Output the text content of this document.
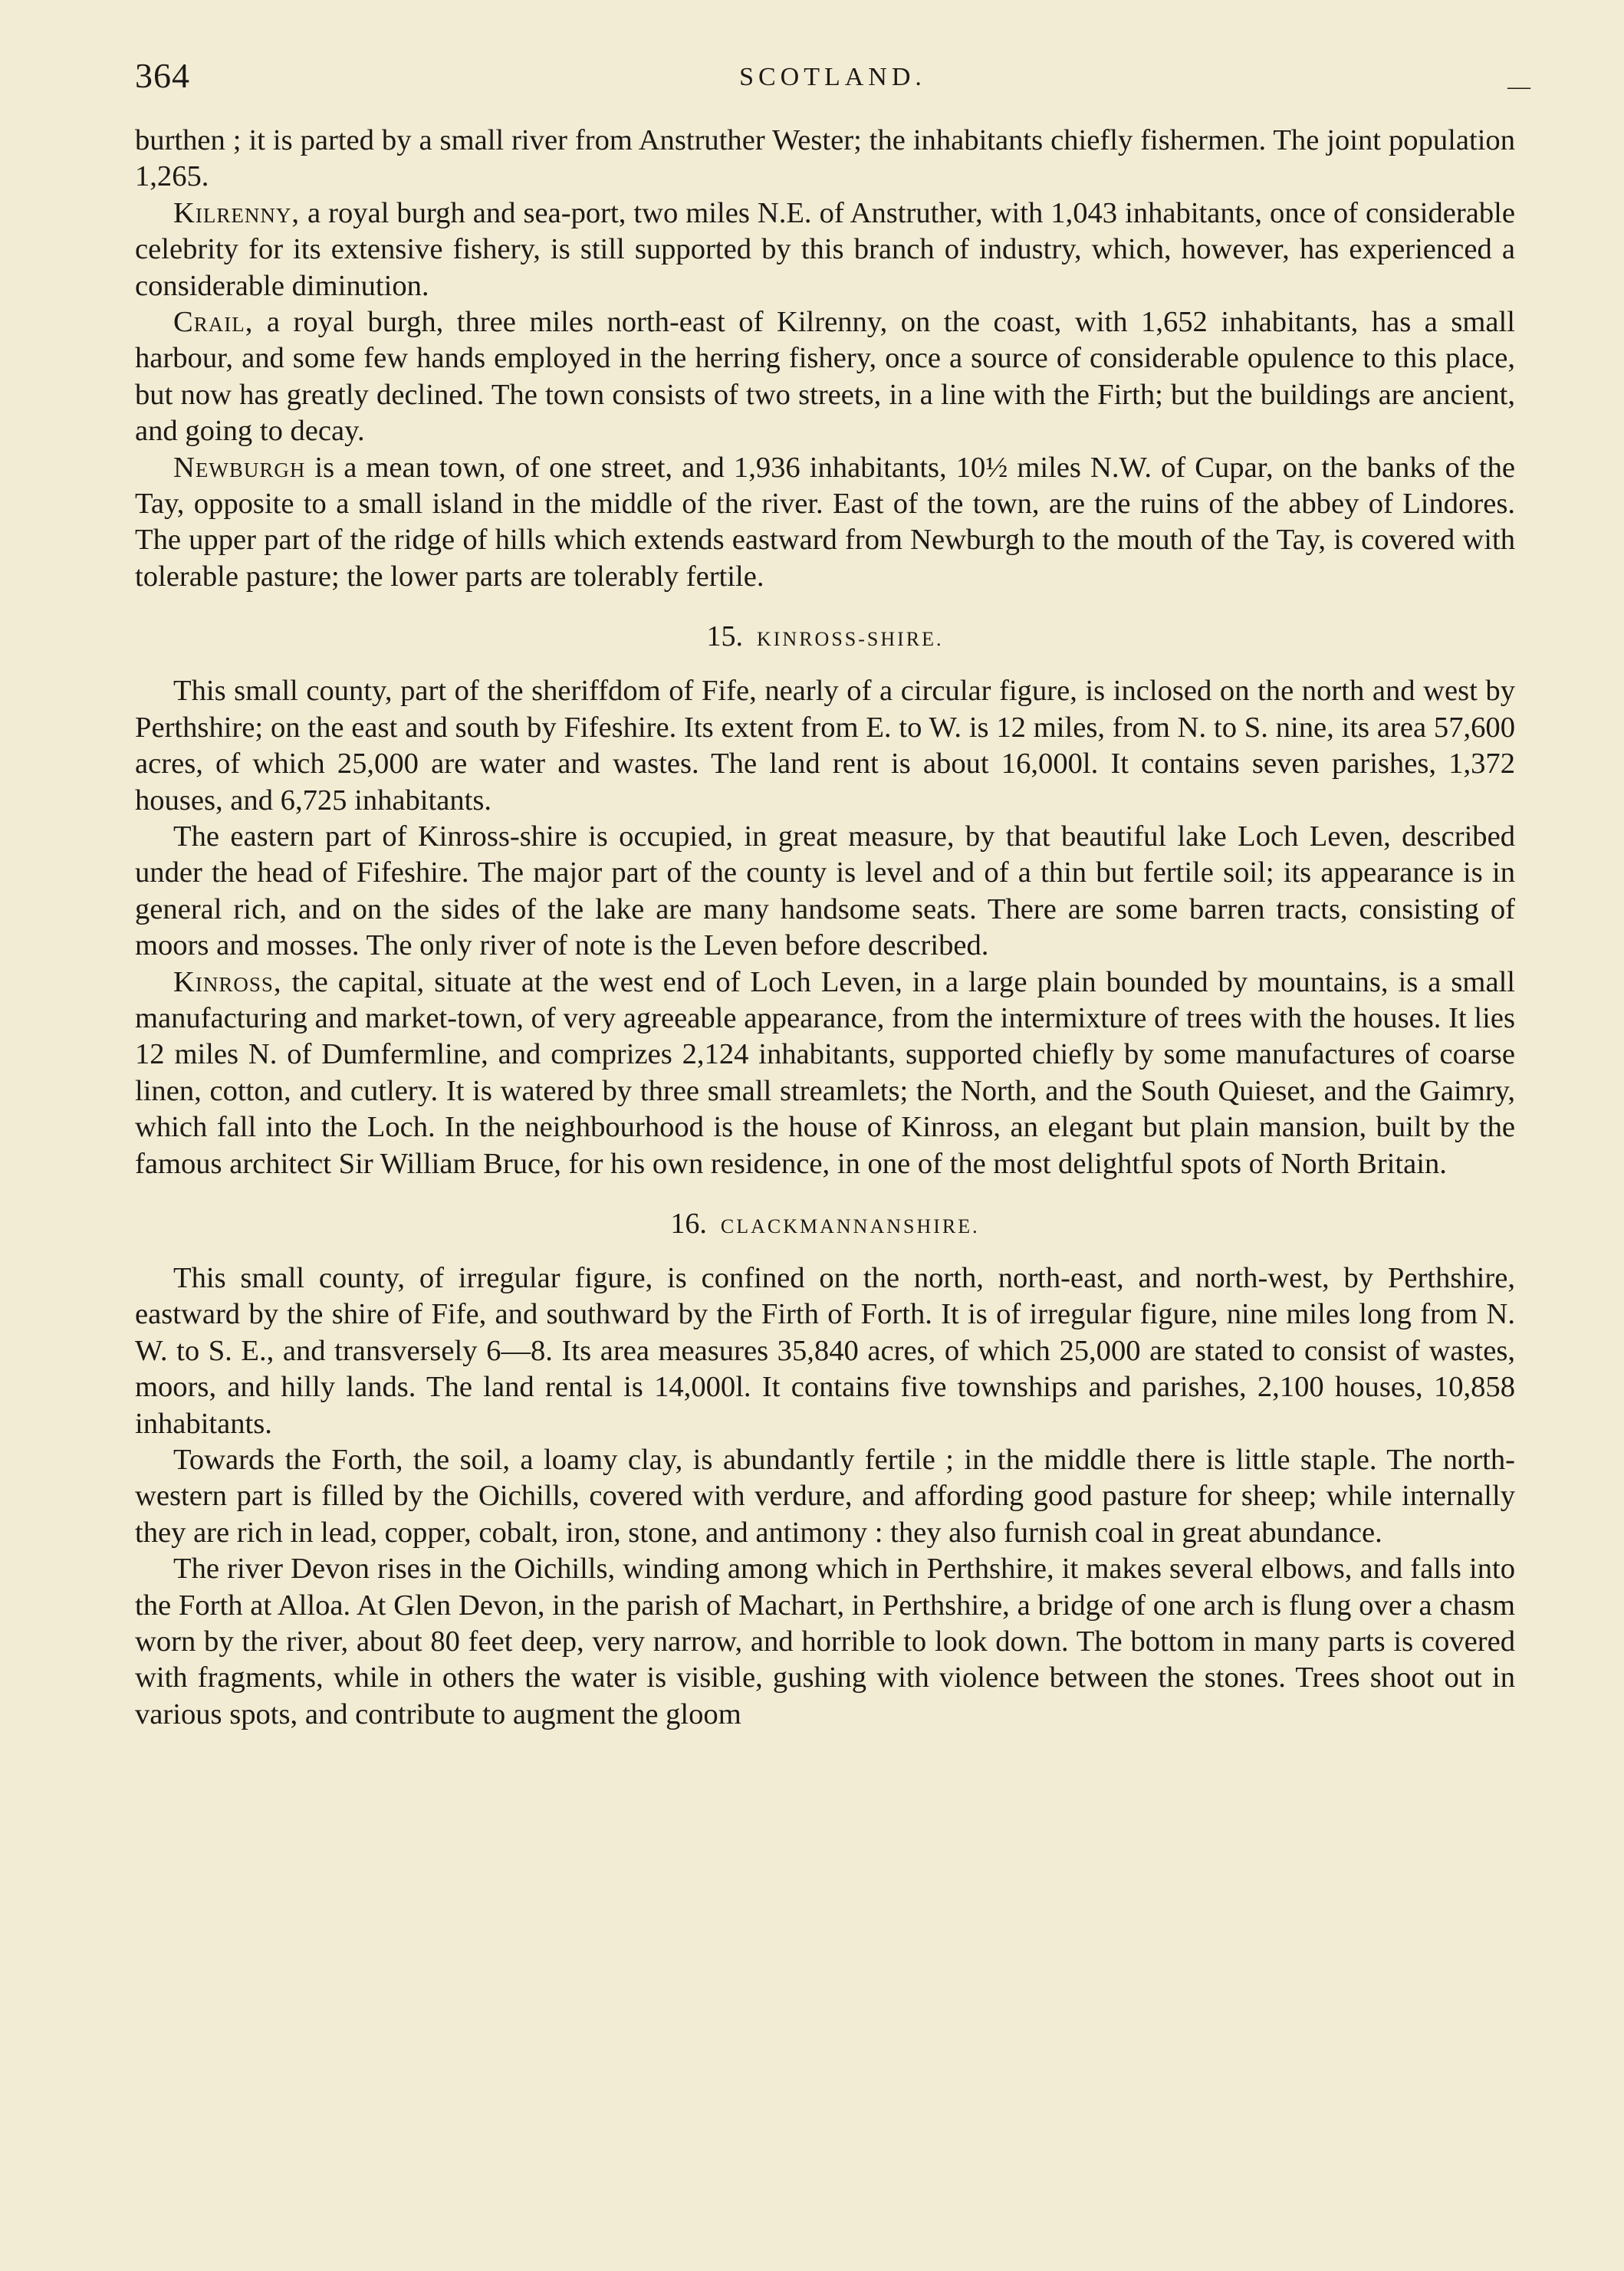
364	SCOTLAND.	—

burthen ; it is parted by a small river from Anstruther Wester; the inhabitants chiefly fishermen. The joint population 1,265.

Kilrenny, a royal burgh and sea-port, two miles N.E. of Anstruther, with 1,043 inhabitants, once of considerable celebrity for its extensive fishery, is still supported by this branch of industry, which, however, has experienced a considerable diminution.

Crail, a royal burgh, three miles north-east of Kilrenny, on the coast, with 1,652 inhabitants, has a small harbour, and some few hands employed in the herring fishery, once a source of considerable opulence to this place, but now has greatly declined. The town consists of two streets, in a line with the Firth; but the buildings are ancient, and going to decay.

Newburgh is a mean town, of one street, and 1,936 inhabitants, 10½ miles N.W. of Cupar, on the banks of the Tay, opposite to a small island in the middle of the river. East of the town, are the ruins of the abbey of Lindores. The upper part of the ridge of hills which extends eastward from Newburgh to the mouth of the Tay, is covered with tolerable pasture; the lower parts are tolerably fertile.

15. KINROSS-SHIRE.

This small county, part of the sheriffdom of Fife, nearly of a circular figure, is inclosed on the north and west by Perthshire; on the east and south by Fifeshire. Its extent from E. to W. is 12 miles, from N. to S. nine, its area 57,600 acres, of which 25,000 are water and wastes. The land rent is about 16,000l. It contains seven parishes, 1,372 houses, and 6,725 inhabitants.

The eastern part of Kinross-shire is occupied, in great measure, by that beautiful lake Loch Leven, described under the head of Fifeshire. The major part of the county is level and of a thin but fertile soil; its appearance is in general rich, and on the sides of the lake are many handsome seats. There are some barren tracts, consisting of moors and mosses. The only river of note is the Leven before described.

Kinross, the capital, situate at the west end of Loch Leven, in a large plain bounded by mountains, is a small manufacturing and market-town, of very agreeable appearance, from the intermixture of trees with the houses. It lies 12 miles N. of Dumfermline, and comprizes 2,124 inhabitants, supported chiefly by some manufactures of coarse linen, cotton, and cutlery. It is watered by three small streamlets; the North, and the South Quieset, and the Gaimry, which fall into the Loch. In the neighbourhood is the house of Kinross, an elegant but plain mansion, built by the famous architect Sir William Bruce, for his own residence, in one of the most delightful spots of North Britain.

16. CLACKMANNANSHIRE.

This small county, of irregular figure, is confined on the north, north-east, and north-west, by Perthshire, eastward by the shire of Fife, and southward by the Firth of Forth. It is of irregular figure, nine miles long from N. W. to S. E., and transversely 6—8. Its area measures 35,840 acres, of which 25,000 are stated to consist of wastes, moors, and hilly lands. The land rental is 14,000l. It contains five townships and parishes, 2,100 houses, 10,858 inhabitants.

Towards the Forth, the soil, a loamy clay, is abundantly fertile ; in the middle there is little staple. The north-western part is filled by the Oichills, covered with verdure, and affording good pasture for sheep; while internally they are rich in lead, copper, cobalt, iron, stone, and antimony : they also furnish coal in great abundance.

The river Devon rises in the Oichills, winding among which in Perthshire, it makes several elbows, and falls into the Forth at Alloa. At Glen Devon, in the parish of Machart, in Perthshire, a bridge of one arch is flung over a chasm worn by the river, about 80 feet deep, very narrow, and horrible to look down. The bottom in many parts is covered with fragments, while in others the water is visible, gushing with violence between the stones. Trees shoot out in various spots, and contribute to augment the gloom
